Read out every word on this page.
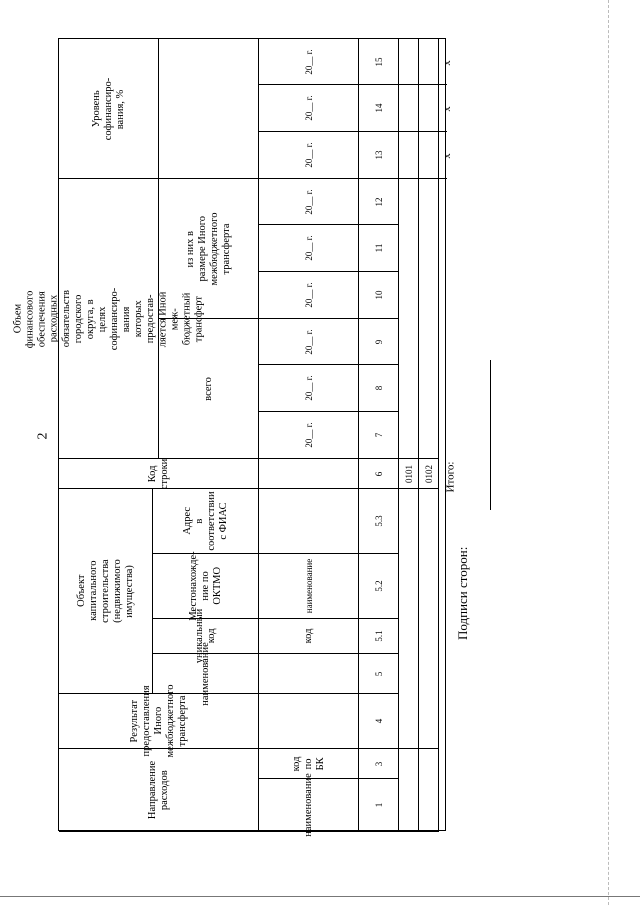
2
Уровень
софинансиро-
вания, %
Объем
финансового
обеспечения
расходных
обязательств
городского
округа, в
целях
софинансиро-
вания
которых
предостав-
ляется Иной
меж-
бюджетный
трансферт
из них в
размере Иного
межбюджетного
трансферта
всего
Код строки
Объект
капитального
строительства
(недвижимого
имущества)
Адрес
в соответствии
с ФИАС
Местонахожде-
ние по
ОКТМО
уникальный
код
наименование
Результат предоставления Иного
межбюджетного трансферта
Направление расходов
код
по БК
наименование
20__ г.
20__ г.
20__ г.
20__ г.
20__ г.
20__ г.
20__ г.
20__ г.
20__ г.
наименование
код
15
14
13
12
11
10
9
8
7
6
5.3
5.2
5.1
5
4
3
1
0101 0102
x
x
x
Итого:
Подписи сторон:
